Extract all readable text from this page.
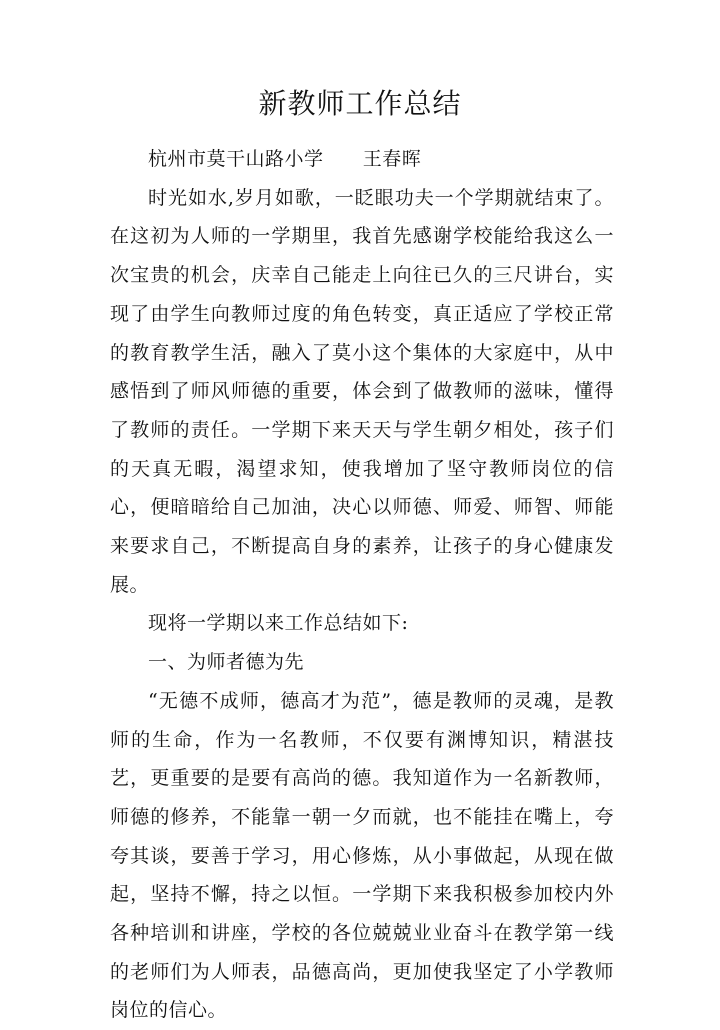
新教师工作总结

杭州市莫干山路小学      王春晖

时光如水,岁月如歌，一眨眼功夫一个学期就结束了。在这初为人师的一学期里，我首先感谢学校能给我这么一次宝贵的机会，庆幸自己能走上向往已久的三尺讲台，实现了由学生向教师过度的角色转变，真正适应了学校正常的教育教学生活，融入了莫小这个集体的大家庭中，从中感悟到了师风师德的重要，体会到了做教师的滋味，懂得了教师的责任。一学期下来天天与学生朝夕相处，孩子们的天真无暇，渴望求知，使我增加了坚守教师岗位的信心，便暗暗给自己加油，决心以师德、师爱、师智、师能来要求自己，不断提高自身的素养，让孩子的身心健康发展。

现将一学期以来工作总结如下:

一、为师者德为先

“无德不成师，德高才为范”，德是教师的灵魂，是教师的生命，作为一名教师，不仅要有渊博知识，精湛技艺，更重要的是要有高尚的德。我知道作为一名新教师，师德的修养，不能靠一朝一夕而就，也不能挂在嘴上，夸夸其谈，要善于学习，用心修炼，从小事做起，从现在做起，坚持不懈，持之以恒。一学期下来我积极参加校内外各种培训和讲座，学校的各位兢兢业业奋斗在教学第一线的老师们为人师表，品德高尚，更加使我坚定了小学教师岗位的信心。
